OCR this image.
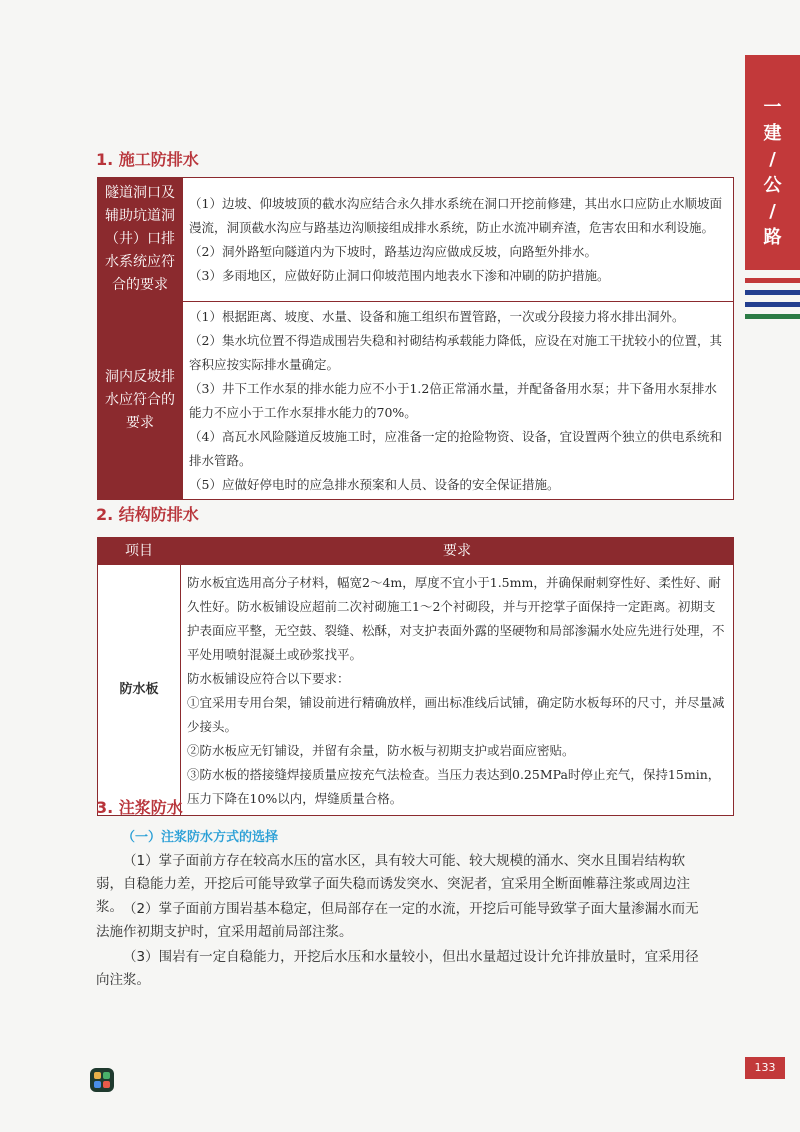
一
建
/
公
/
路
1. 施工防排水
隧道洞口及辅助坑道洞（井）口排水系统应符合的要求	（1）边坡、仰坡坡顶的截水沟应结合永久排水系统在洞口开挖前修建，其出水口应防止水顺坡面漫流，洞顶截水沟应与路基边沟顺接组成排水系统，防止水流冲刷弃渣，危害农田和水利设施。
（2）洞外路堑向隧道内为下坡时，路基边沟应做成反坡，向路堑外排水。
（3）多雨地区，应做好防止洞口仰坡范围内地表水下渗和冲刷的防护措施。

洞内反坡排水应符合的要求	（1）根据距离、坡度、水量、设备和施工组织布置管路，一次或分段接力将水排出洞外。
（2）集水坑位置不得造成围岩失稳和衬砌结构承载能力降低，应设在对施工干扰较小的位置，其容积应按实际排水量确定。
（3）井下工作水泵的排水能力应不小于1.2倍正常涌水量，并配备备用水泵；井下备用水泵排水能力不应小于工作水泵排水能力的70%。
（4）高瓦水风险隧道反坡施工时，应准备一定的抢险物资、设备，宜设置两个独立的供电系统和排水管路。
（5）应做好停电时的应急排水预案和人员、设备的安全保证措施。
2. 结构防排水
项目	要求
防水板	防水板宜选用高分子材料，幅宽2～4m，厚度不宜小于1.5mm，并确保耐刺穿性好、柔性好、耐久性好。防水板铺设应超前二次衬砌施工1～2个衬砌段，并与开挖掌子面保持一定距离。初期支护表面应平整，无空鼓、裂缝、松酥，对支护表面外露的坚硬物和局部渗漏水处应先进行处理，不平处用喷射混凝土或砂浆找平。
防水板铺设应符合以下要求：
①宜采用专用台架，铺设前进行精确放样，画出标准线后试铺，确定防水板每环的尺寸，并尽量减少接头。
②防水板应无钉铺设，并留有余量，防水板与初期支护或岩面应密贴。
③防水板的搭接缝焊接质量应按充气法检查。当压力表达到0.25MPa时停止充气，保持15min，压力下降在10%以内，焊缝质量合格。
3. 注浆防水
（一）注浆防水方式的选择
（1）掌子面前方存在较高水压的富水区，具有较大可能、较大规模的涌水、突水且围岩结构软弱，自稳能力差，开挖后可能导致掌子面失稳而诱发突水、突泥者，宜采用全断面帷幕注浆或周边注浆。 （2）掌子面前方围岩基本稳定，但局部存在一定的水流，开挖后可能导致掌子面大量渗漏水而无法施作初期支护时，宜采用超前局部注浆。
（3）围岩有一定自稳能力，开挖后水压和水量较小，但出水量超过设计允许排放量时，宜采用径向注浆。
133
